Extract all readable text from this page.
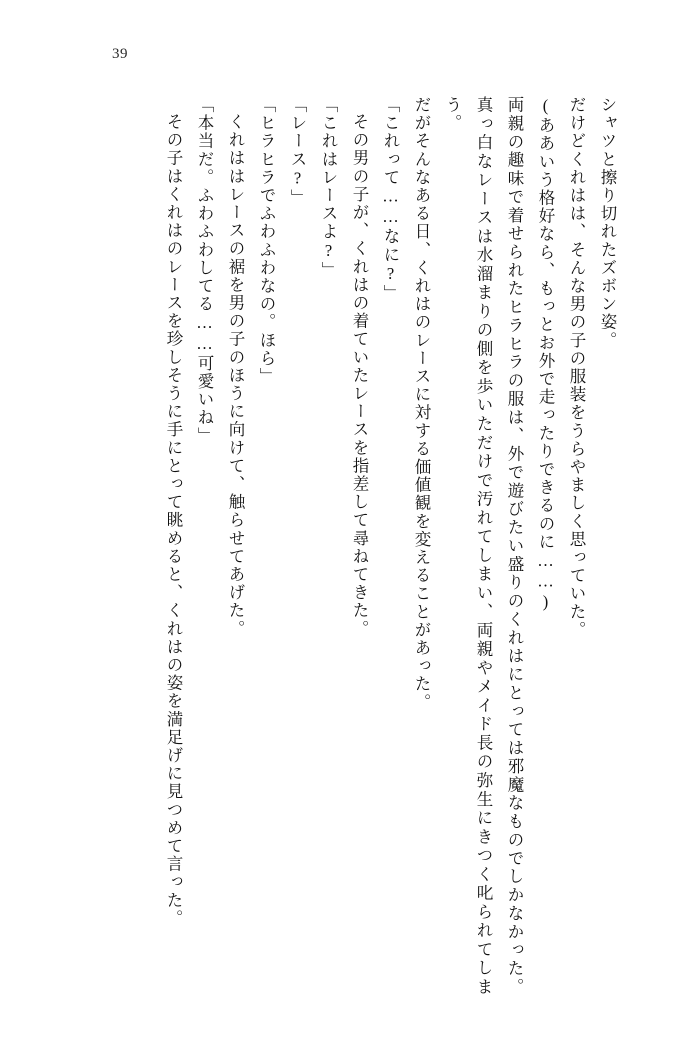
39

シャツと擦り切れたズボン姿。

だけどくれはは、そんな男の子の服装をうらやましく思っていた。

(ああいう格好なら、もっとお外で走ったりできるのに……)

両親の趣味で着せられたヒラヒラの服は、外で遊びたい盛りのくれはにとっては邪魔なものでしかなかった。真っ白なレースは水溜まりの側を歩いただけで汚れてしまい、両親やメイド長の弥生にきつく叱られてしまう。

だがそんなある日、くれはのレースに対する価値観を変えることがあった。

「これって……なに?」

その男の子が、くれはの着ていたレースを指差して尋ねてきた。

「これはレースよ?」

「レース?」

「ヒラヒラでふわふわなの。ほら」

くれははレースの裾を男の子のほうに向けて、触らせてあげた。

「本当だ。ふわふわしてる……可愛いね」

その子はくれはのレースを珍しそうに手にとって眺めると、くれはの姿を満足げに見つめて言った。
